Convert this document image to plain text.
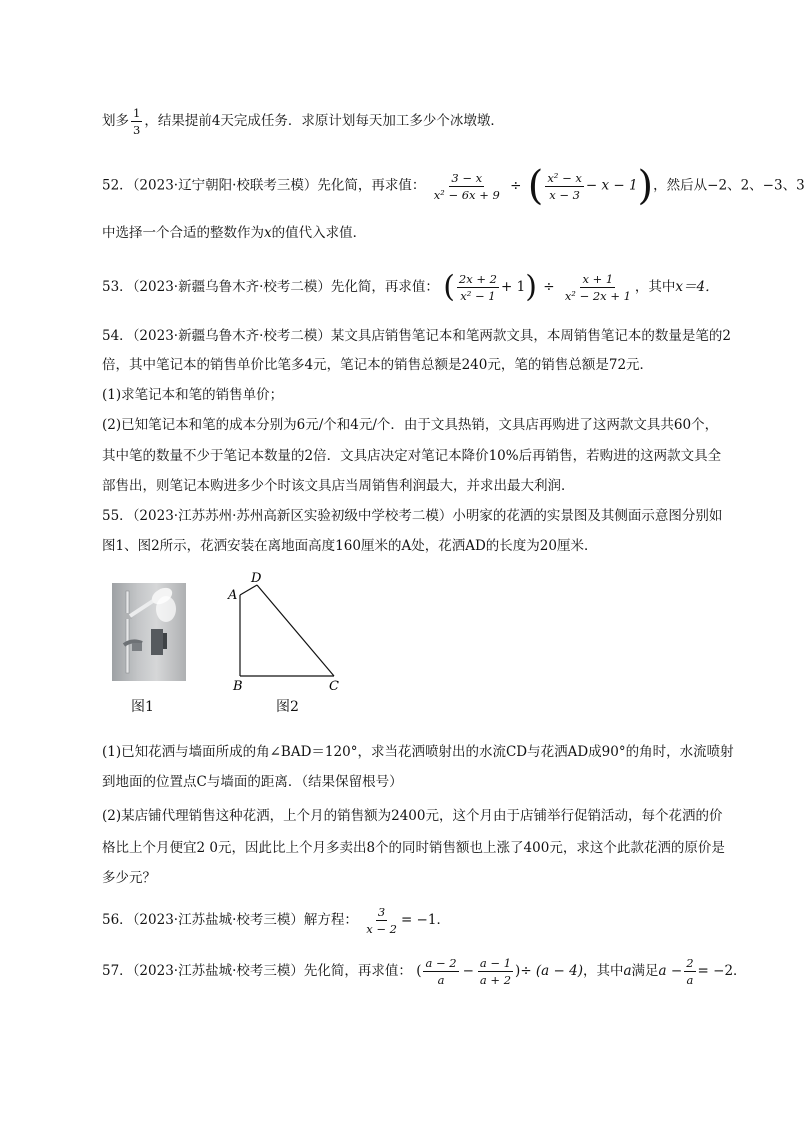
划多 $\frac{1}{3}$ ，结果提前4天完成任务．求原计划每天加工多少个冰墩墩．
52．（2023·辽宁朝阳·校联考三模）先化简，再求值： $\frac{3 - x}{\text{x² − 6x + 9}}$ ÷ ( $\frac{\text{x² − x}}{x - 3} - x - 1$)，然后从−2、2、−3、3
中选择一个合适的整数作为x的值代入求值．
53．（2023·新疆乌鲁木齐·校考二模）先化简，再求值： ( $\frac{2x + 2}{\text{x² − 1}} + 1) \div \frac{x + 1}{\text{x² − 2x + 1}}$ ，其中x＝4．
54．（2023·新疆乌鲁木齐·校考二模）某文具店销售笔记本和笔两款文具，本周销售笔记本的数量是笔的2
倍，其中笔记本的销售单价比笔多4元，笔记本的销售总额是240元，笔的销售总额是72元．
(1)求笔记本和笔的销售单价；
(2)已知笔记本和笔的成本分别为6元/个和4元/个．由于文具热销，文具店再购进了这两款文具共60个，
其中笔的数量不少于笔记本数量的2倍．文具店决定对笔记本降价10%后再销售，若购进的这两款文具全
部售出，则笔记本购进多少个时该文具店当周销售利润最大，并求出最大利润．
55．（2023·江苏苏州·苏州高新区实验初级中学校考二模）小明家的花洒的实景图及其侧面示意图分别如
图1、图2所示，花洒安装在离地面高度160厘米的A处，花洒AD的长度为20厘米．
图1
A
D
B	C
图2
(1)已知花洒与墙面所成的角∠BAD＝120°，求当花洒喷射出的水流CD与花洒AD成90°的角时，水流喷射
到地面的位置点C与墙面的距离．（结果保留根号）
(2)某店铺代理销售这种花洒，上个月的销售额为2400元，这个月由于店铺举行促销活动，每个花洒的价
格比上个月便宜2 0元，因此比上个月多卖出8个的同时销售额也上涨了400元，求这个此款花洒的原价是
多少元？
56．（2023·江苏盐城·校考三模）解方程： $\frac{3}{x - 2} = -1$．
57．（2023·江苏盐城·校考三模）先化简，再求值： ( $\frac{a - 2}{a} - \frac{a - 1}{a + 2}$ )÷ (a − 4)，其中a满足$a - \frac{2}{a} = -2$．
